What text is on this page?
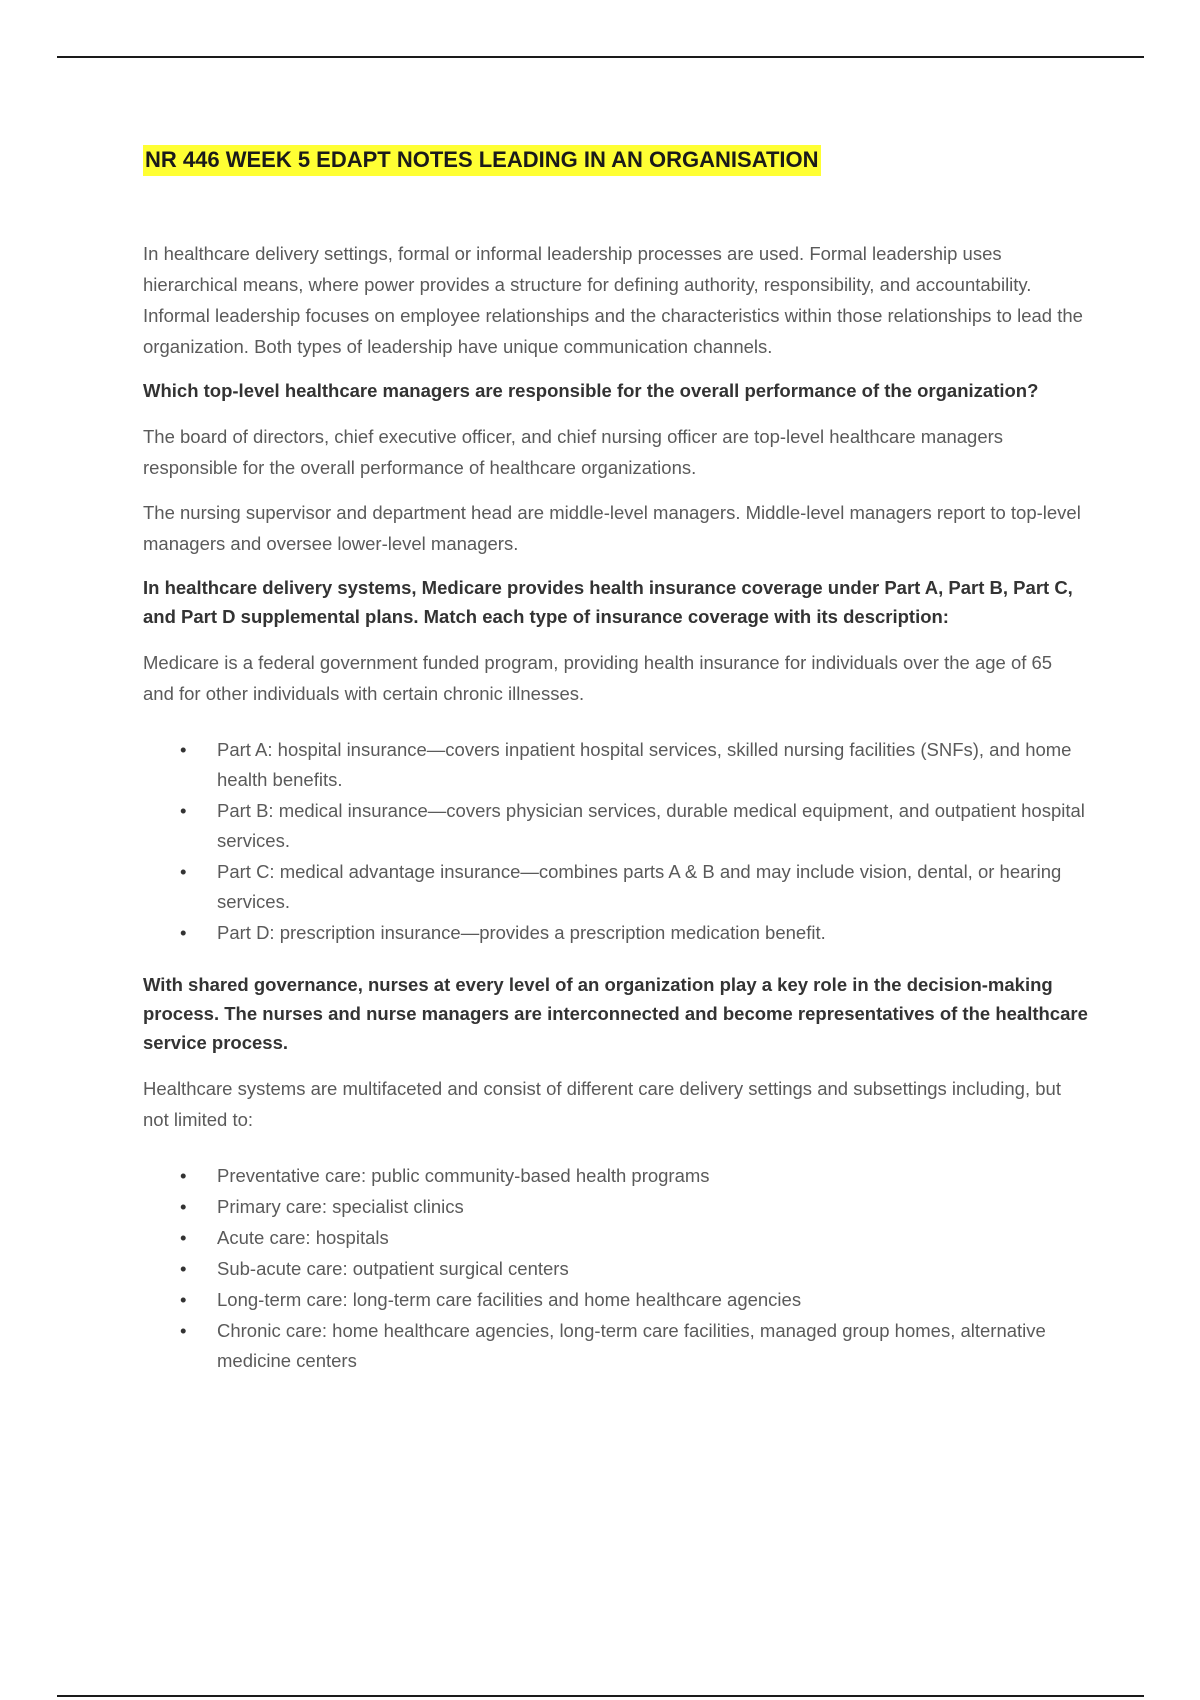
NR 446 WEEK 5 EDAPT NOTES LEADING IN AN ORGANISATION

In healthcare delivery settings, formal or informal leadership processes are used. Formal leadership uses hierarchical means, where power provides a structure for defining authority, responsibility, and accountability. Informal leadership focuses on employee relationships and the characteristics within those relationships to lead the organization. Both types of leadership have unique communication channels.

Which top-level healthcare managers are responsible for the overall performance of the organization?

The board of directors, chief executive officer, and chief nursing officer are top-level healthcare managers responsible for the overall performance of healthcare organizations.

The nursing supervisor and department head are middle-level managers. Middle-level managers report to top-level managers and oversee lower-level managers.

In healthcare delivery systems, Medicare provides health insurance coverage under Part A, Part B, Part C, and Part D supplemental plans. Match each type of insurance coverage with its description:

Medicare is a federal government funded program, providing health insurance for individuals over the age of 65 and for other individuals with certain chronic illnesses.

• Part A: hospital insurance—covers inpatient hospital services, skilled nursing facilities (SNFs), and home health benefits.
• Part B: medical insurance—covers physician services, durable medical equipment, and outpatient hospital services.
• Part C: medical advantage insurance—combines parts A & B and may include vision, dental, or hearing services.
• Part D: prescription insurance—provides a prescription medication benefit.

With shared governance, nurses at every level of an organization play a key role in the decision-making process. The nurses and nurse managers are interconnected and become representatives of the healthcare service process.

Healthcare systems are multifaceted and consist of different care delivery settings and subsettings including, but not limited to:

• Preventative care: public community-based health programs
• Primary care: specialist clinics
• Acute care: hospitals
• Sub-acute care: outpatient surgical centers
• Long-term care: long-term care facilities and home healthcare agencies
• Chronic care: home healthcare agencies, long-term care facilities, managed group homes, alternative medicine centers
